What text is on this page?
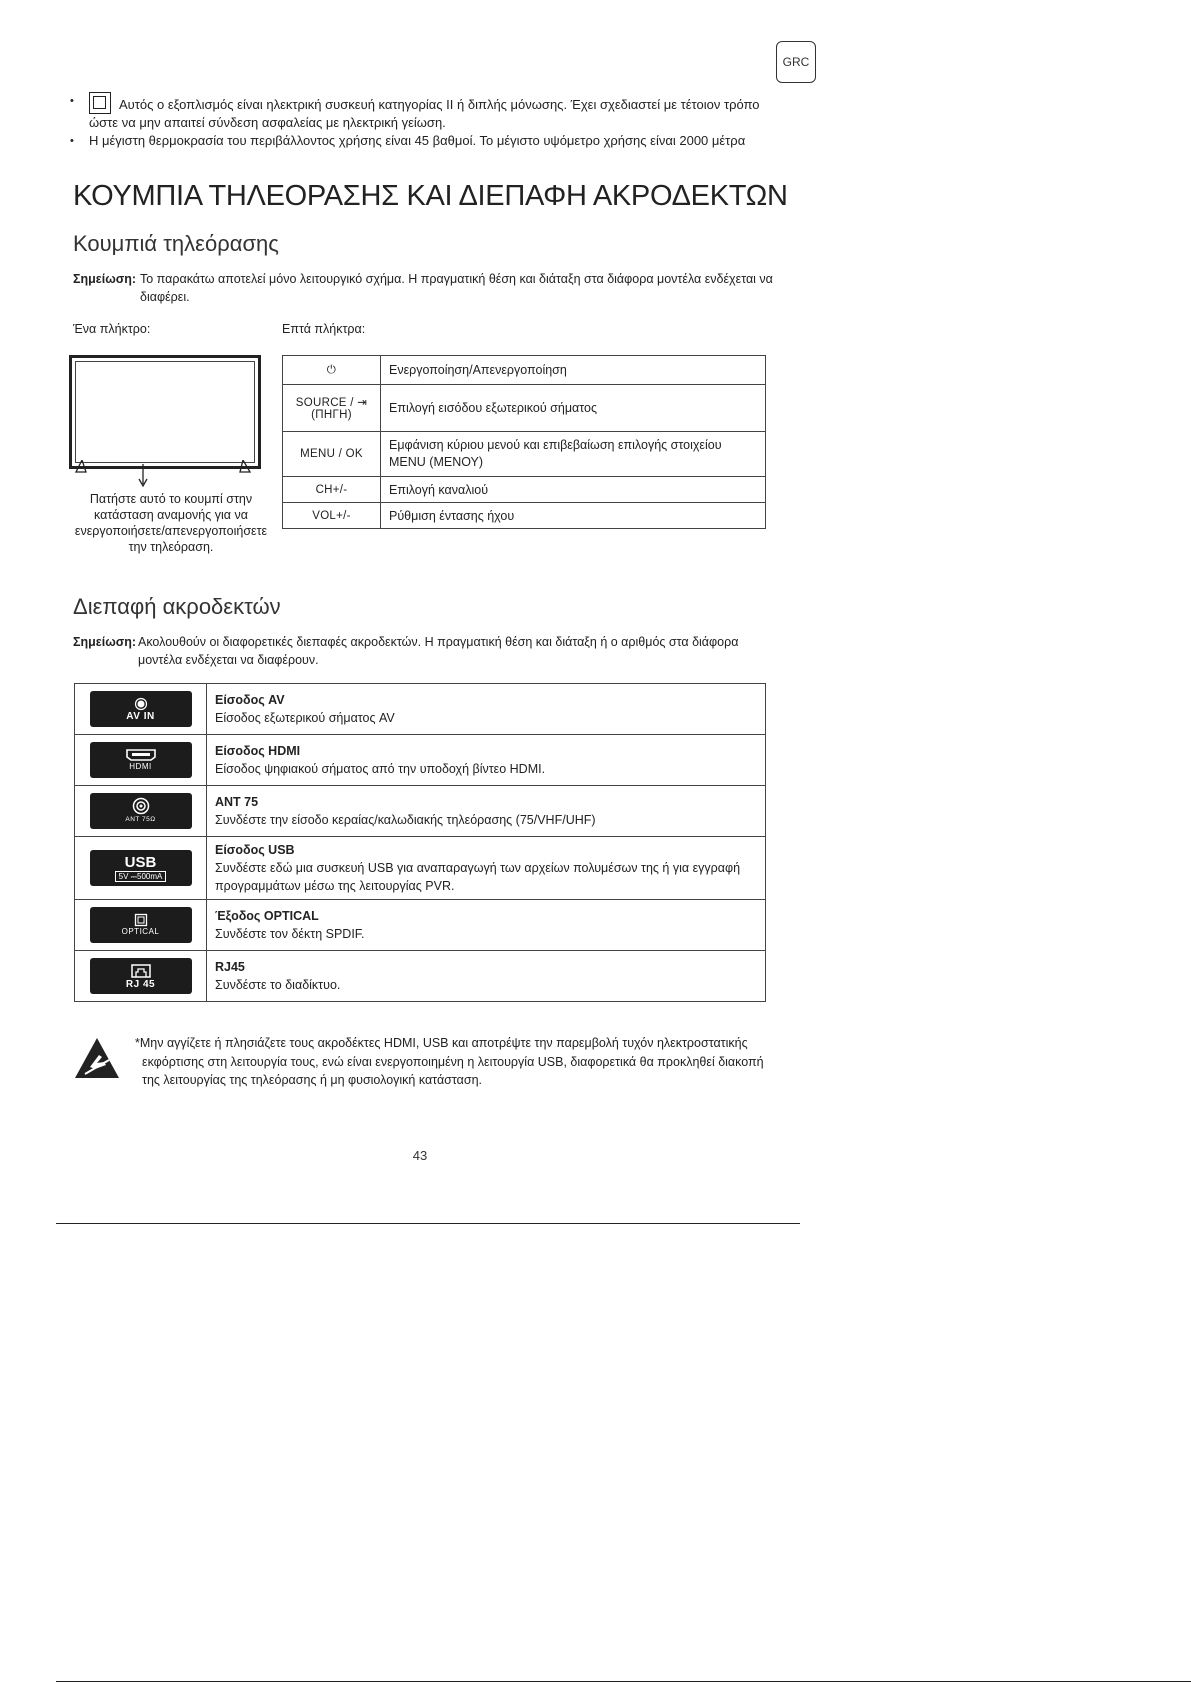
GRC
• Αυτός ο εξοπλισμός είναι ηλεκτρική συσκευή κατηγορίας II ή διπλής μόνωσης. Έχει σχεδιαστεί με τέτοιον τρόπο ώστε να μην απαιτεί σύνδεση ασφαλείας με ηλεκτρική γείωση.
• Η μέγιστη θερμοκρασία του περιβάλλοντος χρήσης είναι 45 βαθμοί. Το μέγιστο υψόμετρο χρήσης είναι 2000 μέτρα
ΚΟΥΜΠΙΑ ΤΗΛΕΟΡΑΣΗΣ ΚΑΙ ΔΙΕΠΑΦΗ ΑΚΡΟΔΕΚΤΩΝ
Κουμπιά τηλεόρασης
Σημείωση: Το παρακάτω αποτελεί μόνο λειτουργικό σχήμα. Η πραγματική θέση και διάταξη στα διάφορα μοντέλα ενδέχεται να διαφέρει.
Ένα πλήκτρο:	Επτά πλήκτρα:
Πατήστε αυτό το κουμπί στην κατάσταση αναμονής για να ενεργοποιήσετε/απενεργοποιήσετε την τηλεόραση.
⏻	Ενεργοποίηση/Απενεργοποίηση

SOURCE / ⇥
(ΠΗΓΗ)	Επιλογή εισόδου εξωτερικού σήματος
MENU / OK	Εμφάνιση κύριου μενού και επιβεβαίωση επιλογής στοιχείου MENU (ΜΕΝΟΥ)
CH+/-	Επιλογή καναλιού
VOL+/-	Ρύθμιση έντασης ήχου
Διεπαφή ακροδεκτών
Σημείωση: Ακολουθούν οι διαφορετικές διεπαφές ακροδεκτών. Η πραγματική θέση και διάταξη ή ο αριθμός στα διάφορα μοντέλα ενδέχεται να διαφέρουν.
AV IN	Είσοδος AV
Είσοδος εξωτερικού σήματος AV

HDMI	Είσοδος HDMI
Είσοδος ψηφιακού σήματος από την υποδοχή βίντεο HDMI.

ANT 75Ω	ANT 75
Συνδέστε την είσοδο κεραίας/καλωδιακής τηλεόρασης (75/VHF/UHF)

USB
5V ⎓500mA	Είσοδος USB
Συνδέστε εδώ μια συσκευή USB για αναπαραγωγή των αρχείων πολυμέσων της ή για εγγραφή προγραμμάτων μέσω της λειτουργίας PVR.

OPTICAL	Έξοδος OPTICAL
Συνδέστε τον δέκτη SPDIF.

RJ 45	RJ45
Συνδέστε το διαδίκτυο.
*Μην αγγίζετε ή πλησιάζετε τους ακροδέκτες HDMI, USB και αποτρέψτε την παρεμβολή τυχόν ηλεκτροστατικής εκφόρτισης στη λειτουργία τους, ενώ είναι ενεργοποιημένη η λειτουργία USB, διαφορετικά θα προκληθεί διακοπή της λειτουργίας της τηλεόρασης ή μη φυσιολογική κατάσταση.
43
